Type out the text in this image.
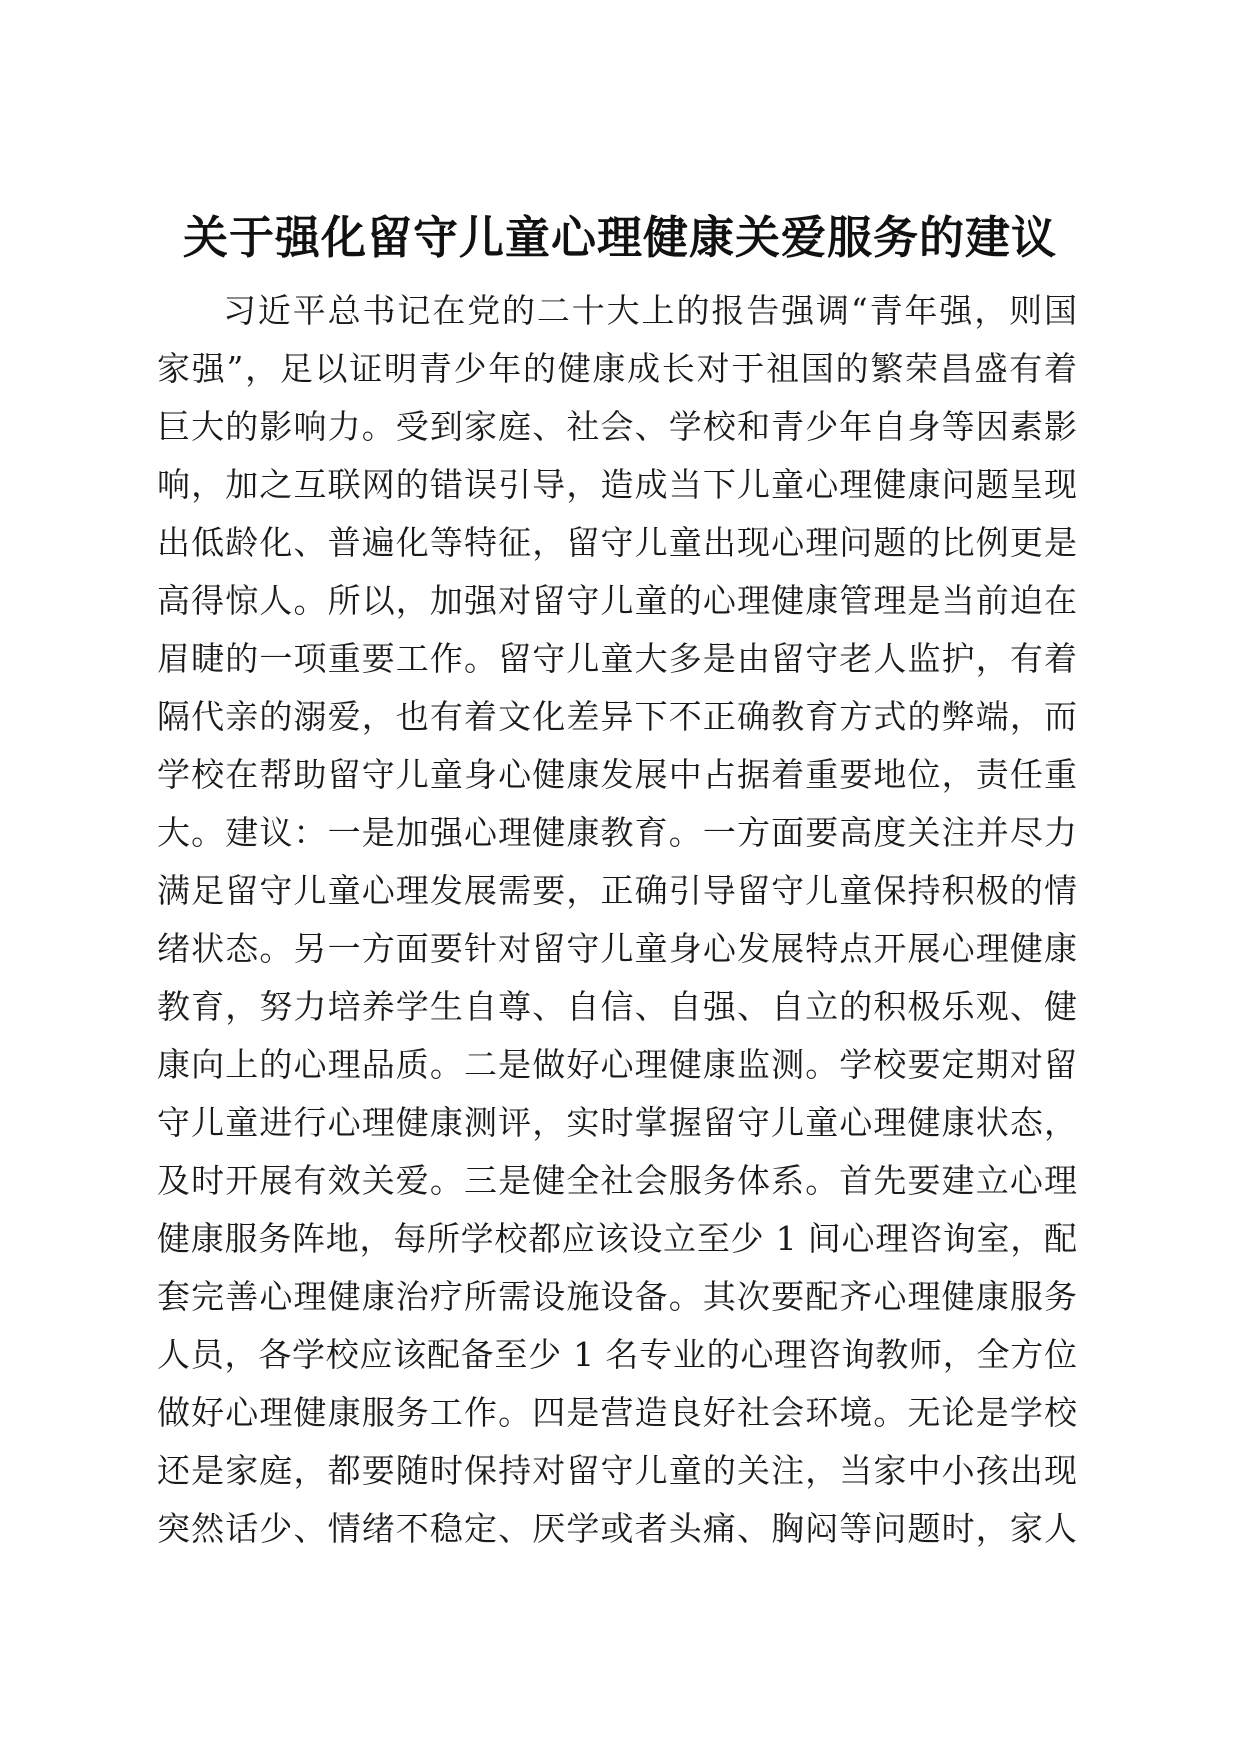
关于强化留守儿童心理健康关爱服务的建议
习近平总书记在党的二十大上的报告强调“青年强，则国
家强”，足以证明青少年的健康成长对于祖国的繁荣昌盛有着
巨大的影响力。受到家庭、社会、学校和青少年自身等因素影
响，加之互联网的错误引导，造成当下儿童心理健康问题呈现
出低龄化、普遍化等特征，留守儿童出现心理问题的比例更是
高得惊人。所以，加强对留守儿童的心理健康管理是当前迫在
眉睫的一项重要工作。留守儿童大多是由留守老人监护，有着
隔代亲的溺爱，也有着文化差异下不正确教育方式的弊端，而
学校在帮助留守儿童身心健康发展中占据着重要地位，责任重
大。建议：一是加强心理健康教育。一方面要高度关注并尽力
满足留守儿童心理发展需要，正确引导留守儿童保持积极的情
绪状态。另一方面要针对留守儿童身心发展特点开展心理健康
教育，努力培养学生自尊、自信、自强、自立的积极乐观、健
康向上的心理品质。二是做好心理健康监测。学校要定期对留
守儿童进行心理健康测评，实时掌握留守儿童心理健康状态，
及时开展有效关爱。三是健全社会服务体系。首先要建立心理
健康服务阵地，每所学校都应该设立至少 1 间心理咨询室，配
套完善心理健康治疗所需设施设备。其次要配齐心理健康服务
人员，各学校应该配备至少 1 名专业的心理咨询教师，全方位
做好心理健康服务工作。四是营造良好社会环境。无论是学校
还是家庭，都要随时保持对留守儿童的关注，当家中小孩出现
突然话少、情绪不稳定、厌学或者头痛、胸闷等问题时，家人
